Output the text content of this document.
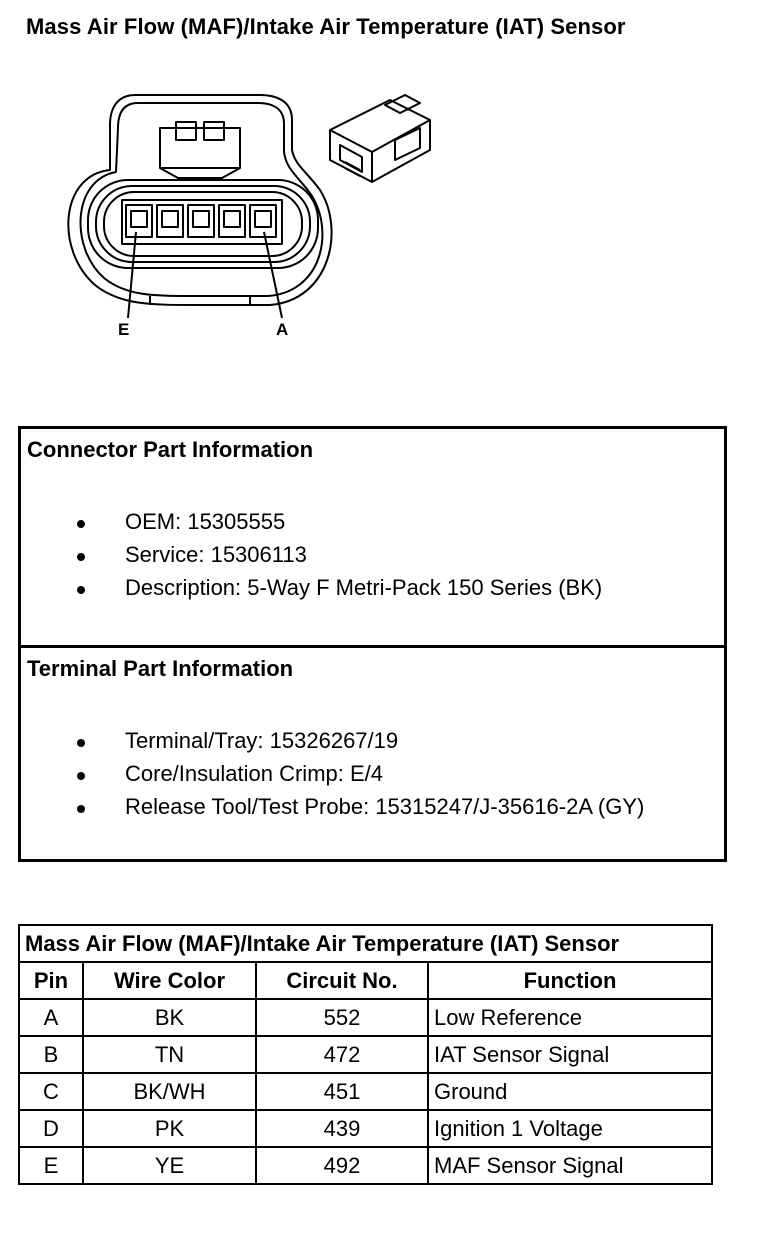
Mass Air Flow (MAF)/Intake Air Temperature (IAT) Sensor
E	A
Connector Part Information
OEM: 15305555
Service: 15306113
Description: 5-Way F Metri-Pack 150 Series (BK)
Terminal Part Information
Terminal/Tray: 15326267/19
Core/Insulation Crimp: E/4
Release Tool/Test Probe: 15315247/J-35616-2A (GY)
Mass Air Flow (MAF)/Intake Air Temperature (IAT) Sensor			
Pin	Wire Color	Circuit No.	Function
A	BK	552	Low Reference
B	TN	472	IAT Sensor Signal
C	BK/WH	451	Ground
D	PK	439	Ignition 1 Voltage
E	YE	492	MAF Sensor Signal
